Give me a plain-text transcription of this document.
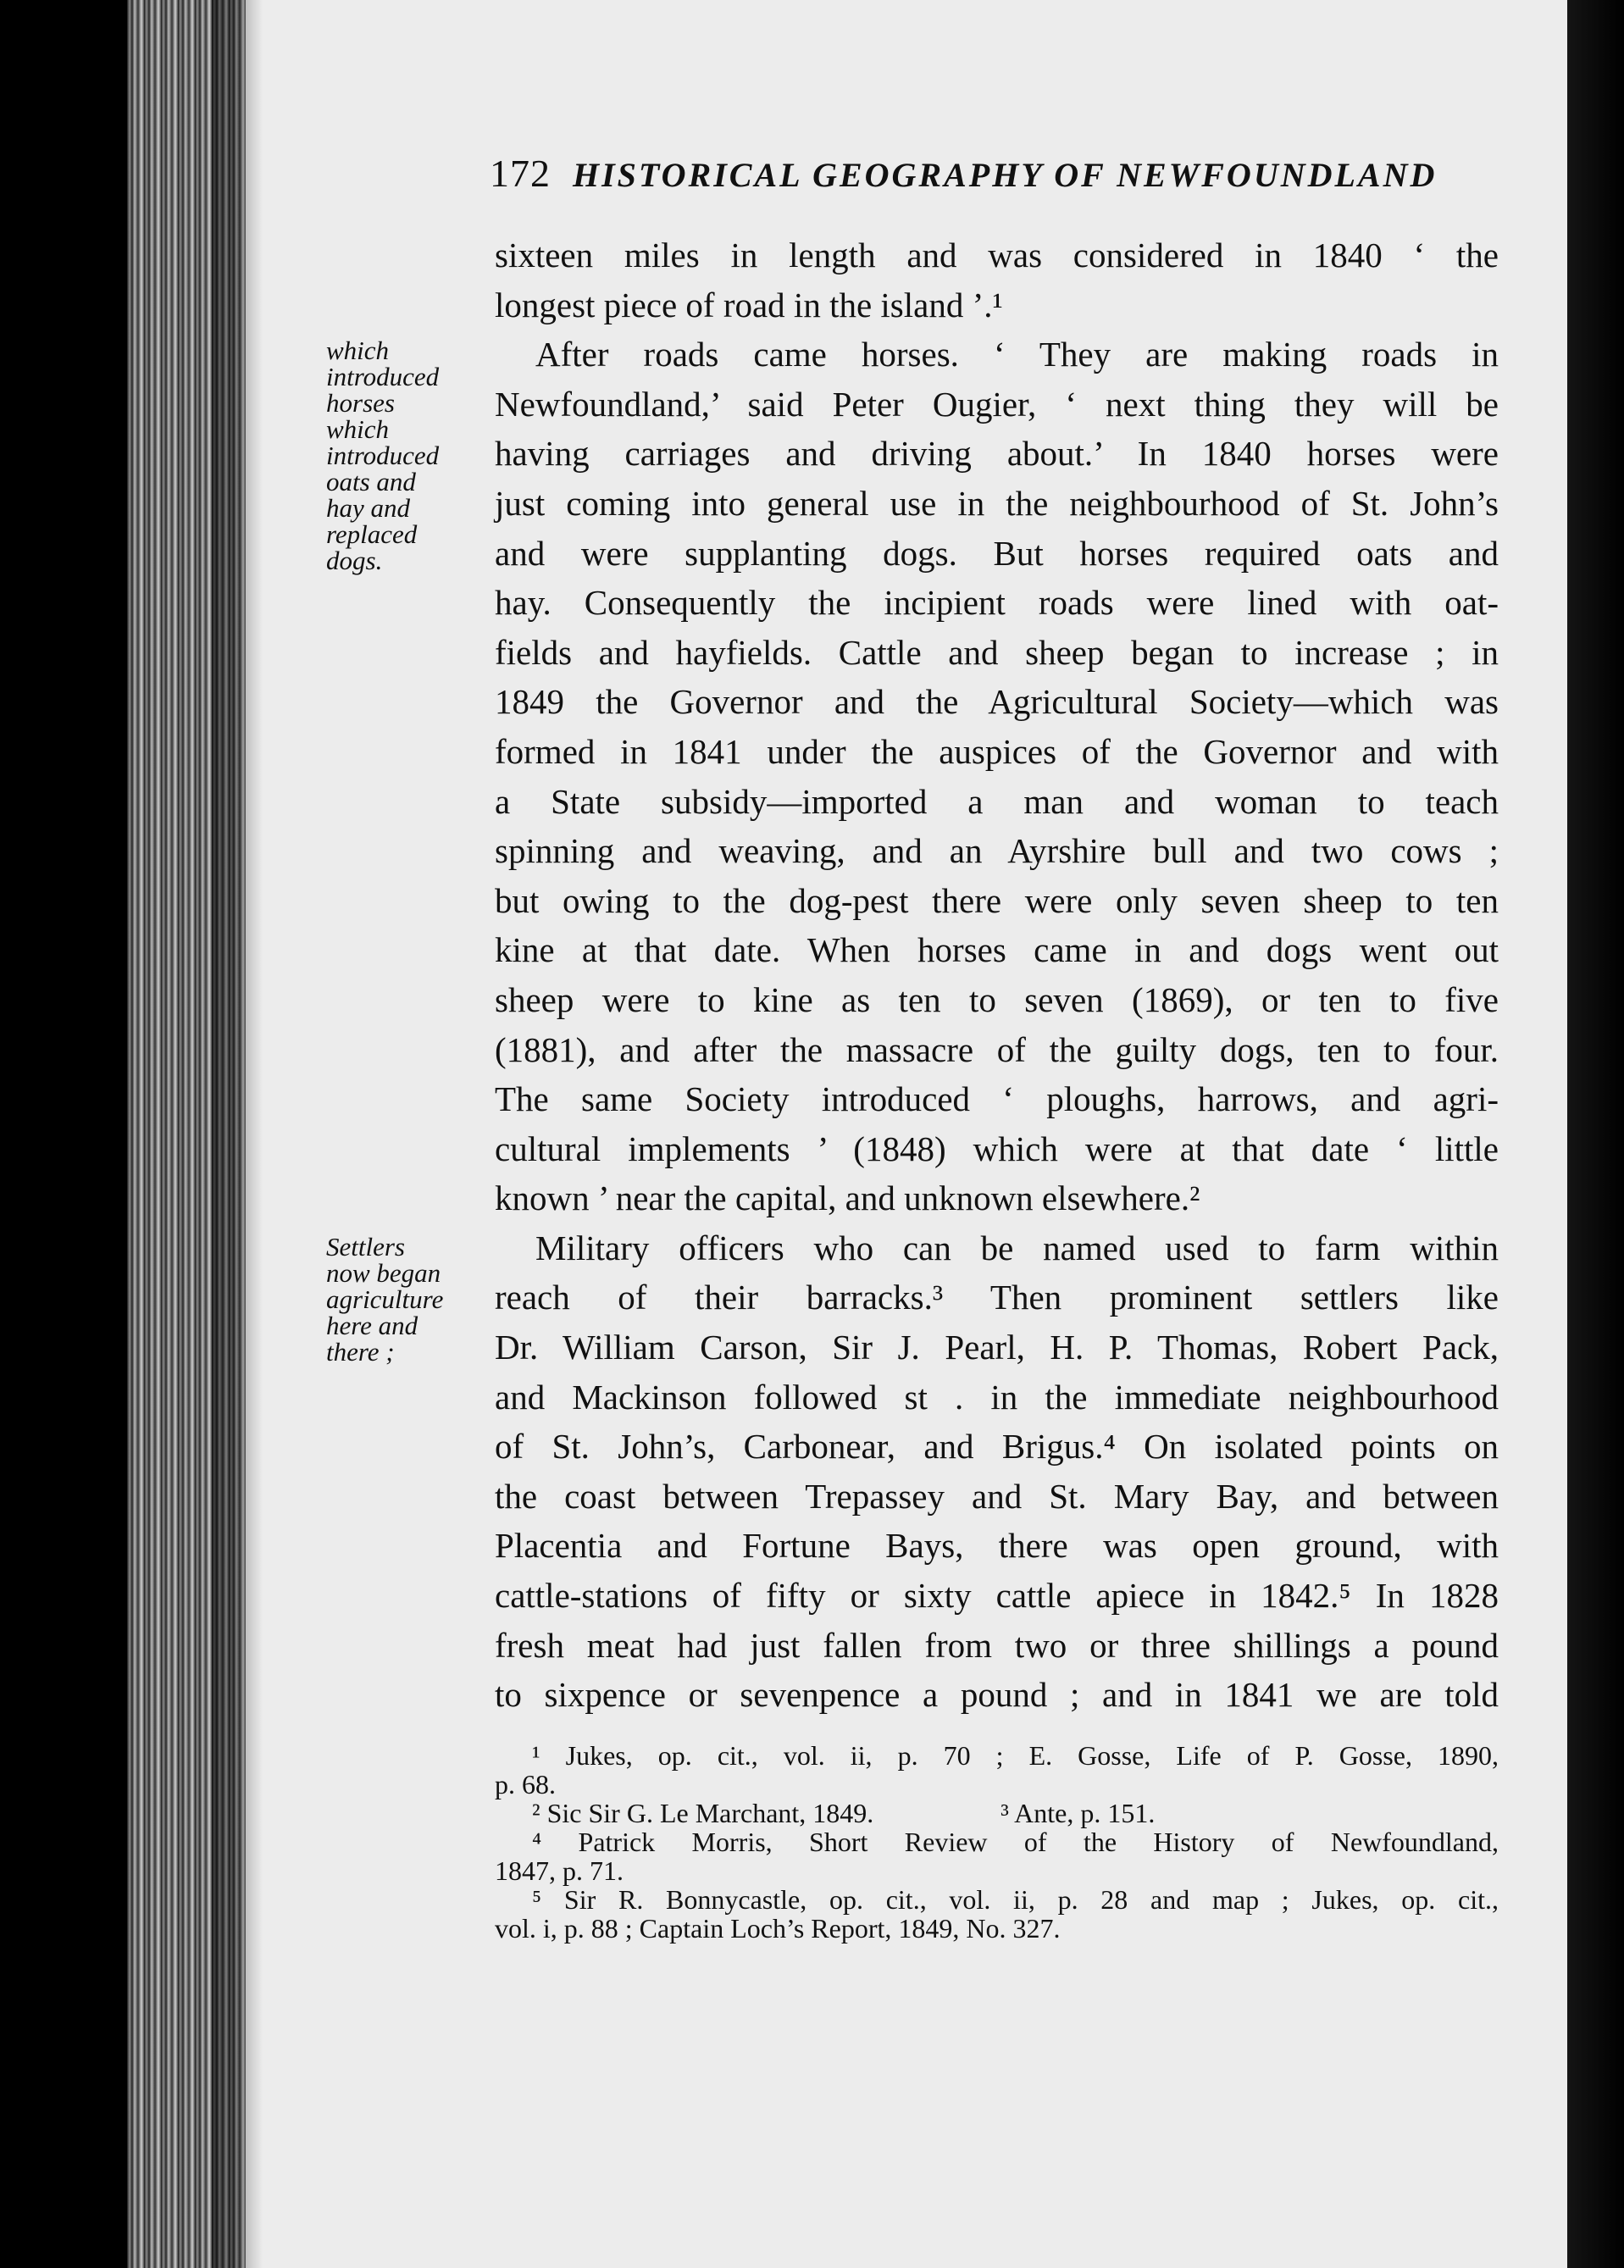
172 HISTORICAL GEOGRAPHY OF NEWFOUNDLAND
which
introduced
horses
which
introduced
oats and
hay and
replaced
dogs.
Settlers
now began
agriculture
here and
there ;
sixteen miles in length and was considered in 1840 ‘ the
longest piece of road in the island ’.¹
After roads came horses. ‘ They are making roads in
Newfoundland,’ said Peter Ougier, ‘ next thing they will be
having carriages and driving about.’ In 1840 horses were
just coming into general use in the neighbourhood of St. John’s
and were supplanting dogs. But horses required oats and
hay. Consequently the incipient roads were lined with oat-
fields and hayfields. Cattle and sheep began to increase ; in
1849 the Governor and the Agricultural Society—which was
formed in 1841 under the auspices of the Governor and with
a State subsidy—imported a man and woman to teach
spinning and weaving, and an Ayrshire bull and two cows ;
but owing to the dog-pest there were only seven sheep to ten
kine at that date. When horses came in and dogs went out
sheep were to kine as ten to seven (1869), or ten to five
(1881), and after the massacre of the guilty dogs, ten to four.
The same Society introduced ‘ ploughs, harrows, and agri-
cultural implements ’ (1848) which were at that date ‘ little
known ’ near the capital, and unknown elsewhere.²
Military officers who can be named used to farm within
reach of their barracks.³ Then prominent settlers like
Dr. William Carson, Sir J. Pearl, H. P. Thomas, Robert Pack,
and Mackinson followed st . in the immediate neighbourhood
of St. John’s, Carbonear, and Brigus.⁴ On isolated points on
the coast between Trepassey and St. Mary Bay, and between
Placentia and Fortune Bays, there was open ground, with
cattle-stations of fifty or sixty cattle apiece in 1842.⁵ In 1828
fresh meat had just fallen from two or three shillings a pound
to sixpence or sevenpence a pound ; and in 1841 we are told
¹ Jukes, op. cit., vol. ii, p. 70 ; E. Gosse, Life of P. Gosse, 1890,
p. 68.
² Sic Sir G. Le Marchant, 1849.	³ Ante, p. 151.
⁴ Patrick Morris, Short Review of the History of Newfoundland,
1847, p. 71.
⁵ Sir R. Bonnycastle, op. cit., vol. ii, p. 28 and map ; Jukes, op. cit.,
vol. i, p. 88 ; Captain Loch’s Report, 1849, No. 327.
